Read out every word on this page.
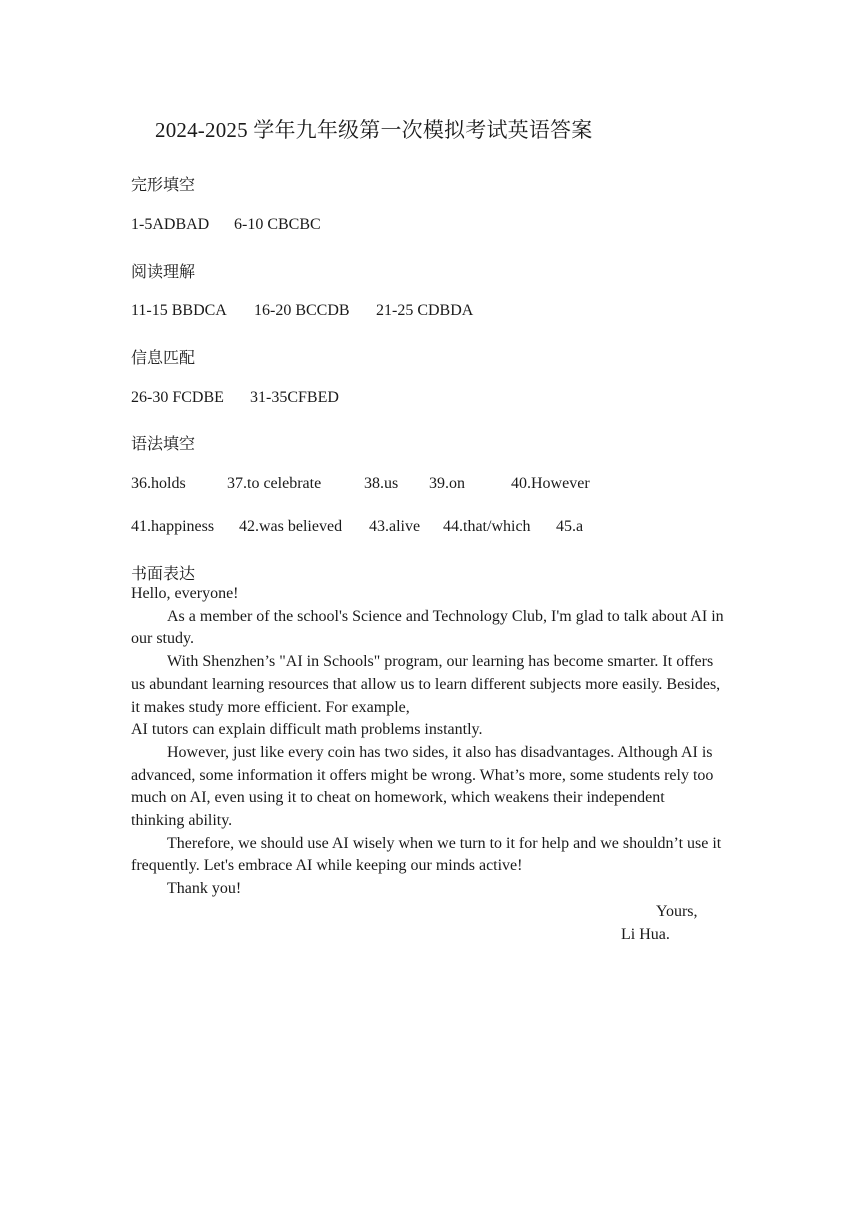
2024-2025 学年九年级第一次模拟考试英语答案
完形填空
1-5ADBAD 6-10 CBCBC
阅读理解
11-15 BBDCA 16-20 BCCDB 21-25 CDBDA
信息匹配
26-30 FCDBE 31-35CFBED
语法填空
36.holds	37.to celebrate	38.us 39.on	40.However
41.happiness 42.was believed 43.alive 44.that/which 45.a
书面表达

Hello, everyone!

As a member of the school's Science and Technology Club, I'm glad to talk about AI in our study.

With Shenzhen’s "AI in Schools" program, our learning has become smarter. It offers us abundant learning resources that allow us to learn different subjects more easily. Besides, it makes study more efficient. For example,

AI tutors can explain difficult math problems instantly.

However, just like every coin has two sides, it also has disadvantages. Although AI is advanced, some information it offers might be wrong. What’s more, some students rely too much on AI, even using it to cheat on homework, which weakens their independent thinking ability.

Therefore, we should use AI wisely when we turn to it for help and we shouldn’t use it frequently. Let's embrace AI while keeping our minds active!

Thank you!

Yours,
Li Hua.
